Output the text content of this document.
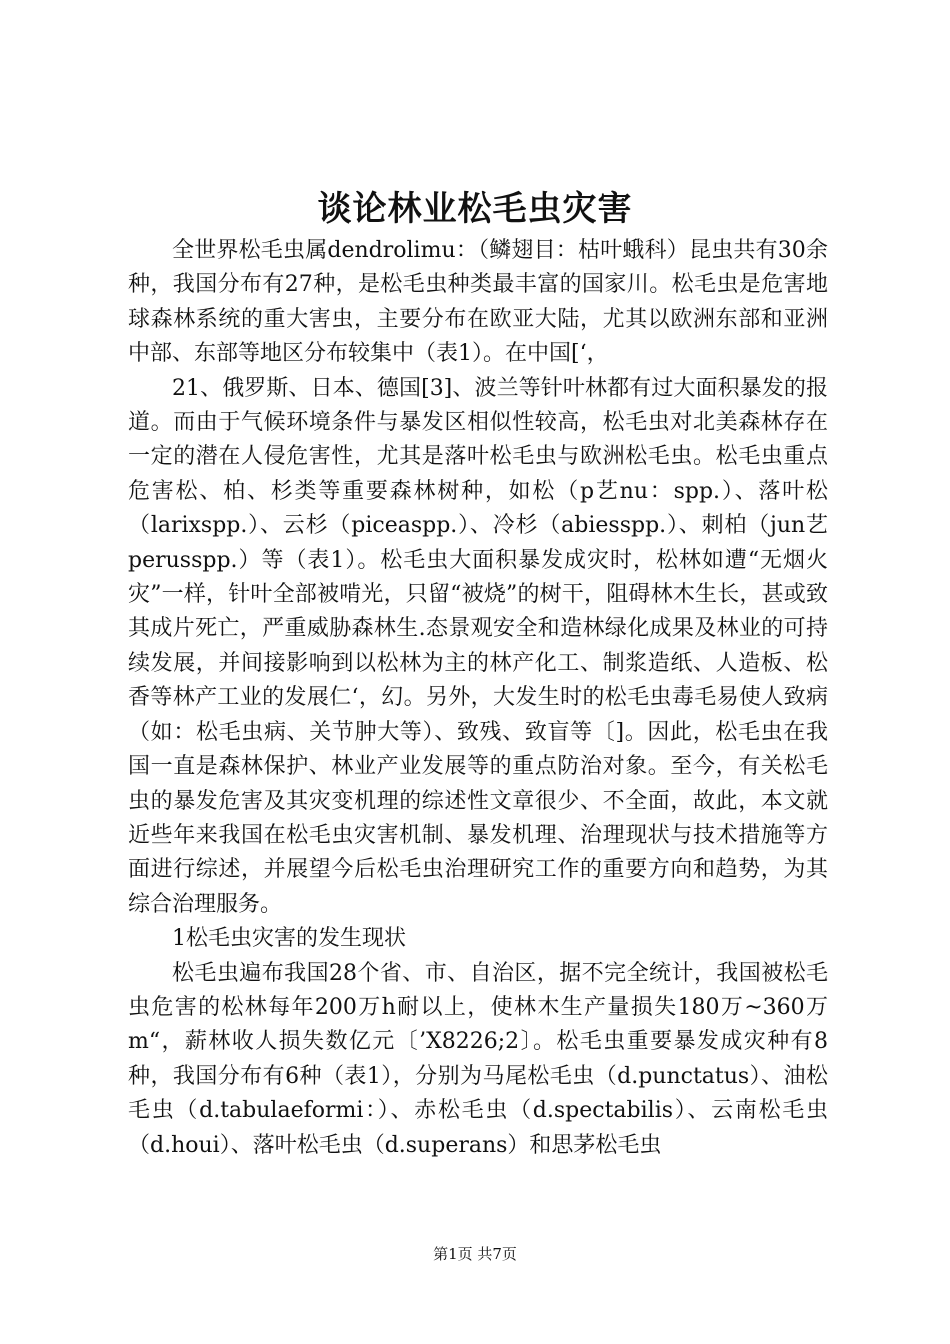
谈论林业松毛虫灾害

全世界松毛虫属dendrolimu：（鳞翅目：枯叶蛾科）昆虫共有30余种，我国分布有27种，是松毛虫种类最丰富的国家川。松毛虫是危害地球森林系统的重大害虫，主要分布在欧亚大陆，尤其以欧洲东部和亚洲中部、东部等地区分布较集中（表1）。在中国[‘，

21、俄罗斯、日本、德国[3]、波兰等针叶林都有过大面积暴发的报道。而由于气候环境条件与暴发区相似性较高，松毛虫对北美森林存在一定的潜在人侵危害性，尤其是落叶松毛虫与欧洲松毛虫。松毛虫重点危害松、柏、杉类等重要森林树种，如松（p艺nu：spp.）、落叶松（larixspp.）、云杉（piceaspp.）、冷杉（abiesspp.）、刺柏（jun艺perusspp.）等（表1）。松毛虫大面积暴发成灾时，松林如遭“无烟火灾”一样，针叶全部被啃光，只留“被烧”的树干，阻碍林木生长，甚或致其成片死亡，严重威胁森林生.态景观安全和造林绿化成果及林业的可持续发展，并间接影响到以松林为主的林产化工、制浆造纸、人造板、松香等林产工业的发展仁‘，幻。另外，大发生时的松毛虫毒毛易使人致病（如：松毛虫病、关节肿大等）、致残、致盲等〔]。因此，松毛虫在我国一直是森林保护、林业产业发展等的重点防治对象。至今，有关松毛虫的暴发危害及其灾变机理的综述性文章很少、不全面，故此，本文就近些年来我国在松毛虫灾害机制、暴发机理、治理现状与技术措施等方面进行综述，并展望今后松毛虫治理研究工作的重要方向和趋势，为其综合治理服务。

1松毛虫灾害的发生现状

松毛虫遍布我国28个省、市、自治区，据不完全统计，我国被松毛虫危害的松林每年200万h耐以上，使林木生产量损失180万~360万m“，薪林收人损失数亿元〔’X8226;2〕。松毛虫重要暴发成灾种有8种，我国分布有6种（表1），分别为马尾松毛虫（d.punctatus）、油松毛虫（d.tabulaeformi：）、赤松毛虫（d.spectabilis）、云南松毛虫（d.houi）、落叶松毛虫（d.superans）和思茅松毛虫

第1页 共7页
